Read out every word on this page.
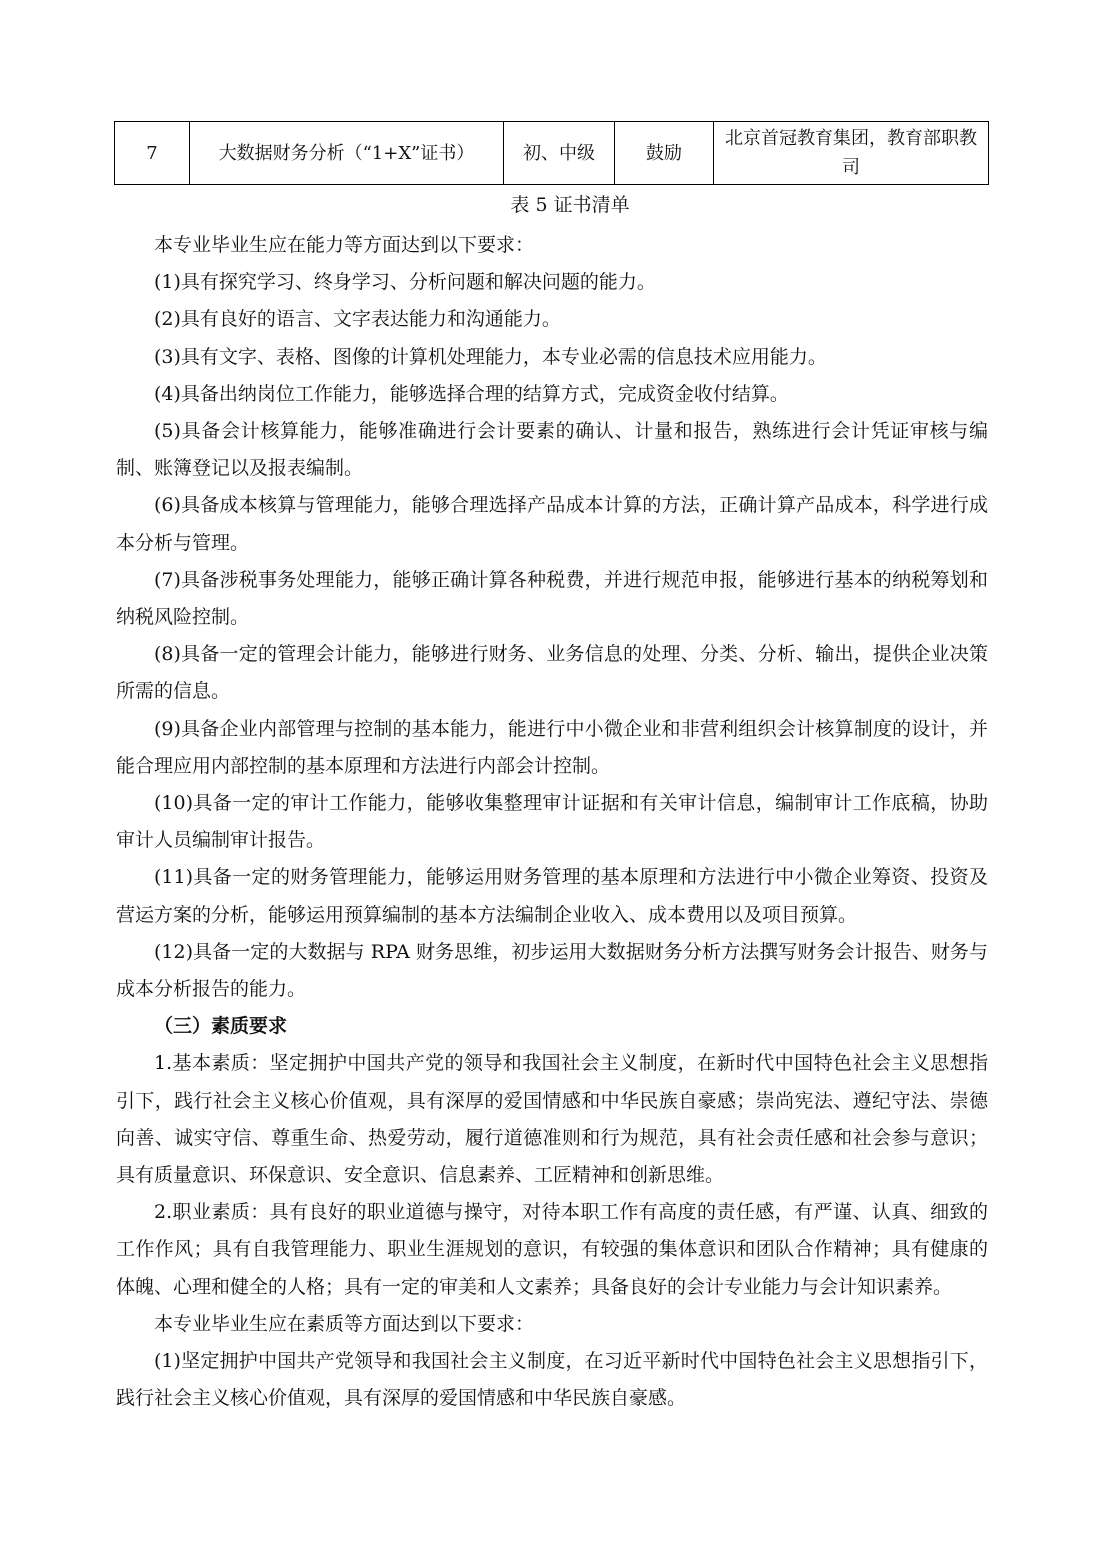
7	大数据财务分析（“1+X”证书）	初、中级	鼓励	北京首冠教育集团，教育部职教司
表 5 证书清单

本专业毕业生应在能力等方面达到以下要求：

(1)具有探究学习、终身学习、分析问题和解决问题的能力。

(2)具有良好的语言、文字表达能力和沟通能力。

(3)具有文字、表格、图像的计算机处理能力，本专业必需的信息技术应用能力。

(4)具备出纳岗位工作能力，能够选择合理的结算方式，完成资金收付结算。

(5)具备会计核算能力，能够准确进行会计要素的确认、计量和报告，熟练进行会计凭证审核与编制、账簿登记以及报表编制。

(6)具备成本核算与管理能力，能够合理选择产品成本计算的方法，正确计算产品成本，科学进行成本分析与管理。

(7)具备涉税事务处理能力，能够正确计算各种税费，并进行规范申报，能够进行基本的纳税筹划和纳税风险控制。

(8)具备一定的管理会计能力，能够进行财务、业务信息的处理、分类、分析、输出，提供企业决策所需的信息。

(9)具备企业内部管理与控制的基本能力，能进行中小微企业和非营利组织会计核算制度的设计，并能合理应用内部控制的基本原理和方法进行内部会计控制。

(10)具备一定的审计工作能力，能够收集整理审计证据和有关审计信息，编制审计工作底稿，协助审计人员编制审计报告。

(11)具备一定的财务管理能力，能够运用财务管理的基本原理和方法进行中小微企业筹资、投资及营运方案的分析，能够运用预算编制的基本方法编制企业收入、成本费用以及项目预算。

(12)具备一定的大数据与 RPA 财务思维，初步运用大数据财务分析方法撰写财务会计报告、财务与成本分析报告的能力。

（三）素质要求

1.基本素质：坚定拥护中国共产党的领导和我国社会主义制度，在新时代中国特色社会主义思想指引下，践行社会主义核心价值观，具有深厚的爱国情感和中华民族自豪感；崇尚宪法、遵纪守法、崇德向善、诚实守信、尊重生命、热爱劳动，履行道德准则和行为规范，具有社会责任感和社会参与意识；具有质量意识、环保意识、安全意识、信息素养、工匠精神和创新思维。

2.职业素质：具有良好的职业道德与操守，对待本职工作有高度的责任感，有严谨、认真、细致的工作作风；具有自我管理能力、职业生涯规划的意识，有较强的集体意识和团队合作精神；具有健康的体魄、心理和健全的人格；具有一定的审美和人文素养；具备良好的会计专业能力与会计知识素养。

本专业毕业生应在素质等方面达到以下要求：

(1)坚定拥护中国共产党领导和我国社会主义制度，在习近平新时代中国特色社会主义思想指引下，践行社会主义核心价值观，具有深厚的爱国情感和中华民族自豪感。
